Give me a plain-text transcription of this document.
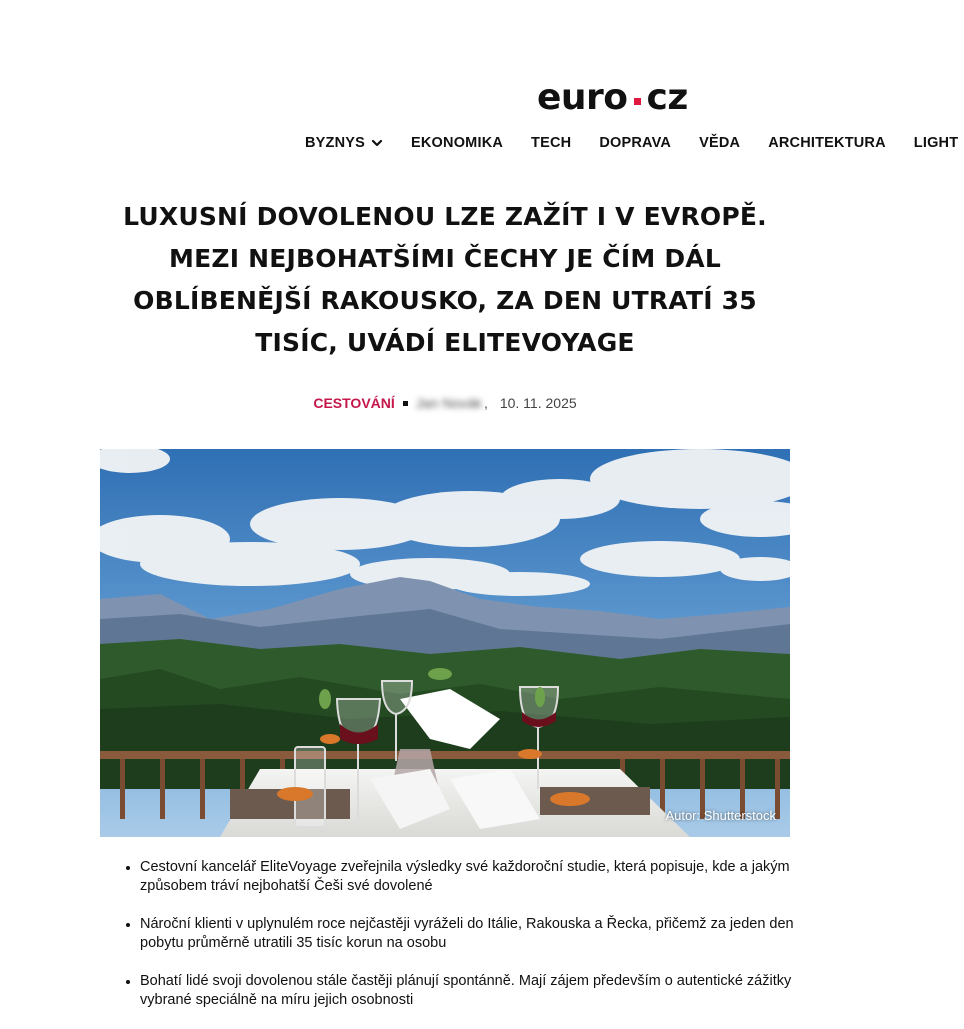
euro cz
BYZNYS	EKONOMIKA TECH DOPRAVA VĚDA ARCHITEKTURA LIGHT
LUXUSNÍ DOVOLENOU LZE ZAŽÍT I V EVROPĚ. MEZI NEJBOHATŠÍMI ČECHY JE ČÍM DÁL OBLÍBENĚJŠÍ RAKOUSKO, ZA DEN UTRATÍ 35 TISÍC, UVÁDÍ ELITEVOYAGE
CESTOVÁNÍ Jan Novák , 10. 11. 2025
Autor: Shutterstock
• Cestovní kancelář EliteVoyage zveřejnila výsledky své každoroční studie, která popisuje, kde a jakým způsobem tráví nejbohatší Češi své dovolené
• Nároční klienti v uplynulém roce nejčastěji vyráželi do Itálie, Rakouska a Řecka, přičemž za jeden den pobytu průměrně utratili 35 tisíc korun na osobu
• Bohatí lidé svoji dovolenou stále častěji plánují spontánně. Mají zájem především o autentické zážitky vybrané speciálně na míru jejich osobnosti
